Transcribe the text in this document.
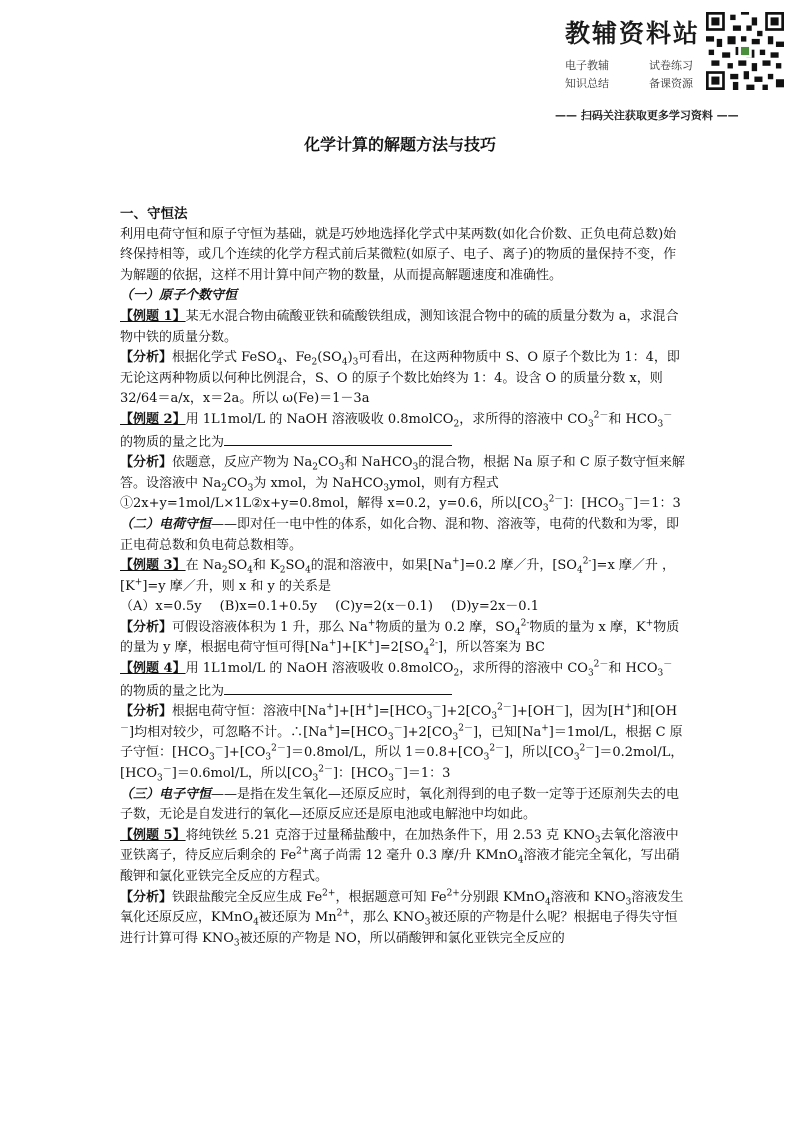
教辅资料站
电子教辅	试卷练习
知识总结	备课资源
—— 扫码关注获取更多学习资料 ——
化学计算的解题方法与技巧

一、守恒法

利用电荷守恒和原子守恒为基础，就是巧妙地选择化学式中某两数(如化合价数、正负电荷总数)始终保持相等，或几个连续的化学方程式前后某微粒(如原子、电子、离子)的物质的量保持不变，作为解题的依据，这样不用计算中间产物的数量，从而提高解题速度和准确性。

（一）原子个数守恒

【例题 1】某无水混合物由硫酸亚铁和硫酸铁组成，测知该混合物中的硫的质量分数为 a，求混合物中铁的质量分数。

【分析】根据化学式 FeSO$_4$、$Fe_2(SO_4)_3$可看出，在这两种物质中 S、O 原子个数比为 1：4，即无论这两种物质以何种比例混合，S、O 的原子个数比始终为 1：4。设含 O 的质量分数 x，则 32/64＝a/x，x＝2a。所以 ω(Fe)＝1－3a

【例题 2】用 1L1mol/L 的 NaOH 溶液吸收 0.8molCO$_2$，求所得的溶液中 $CO_3^{2-}$和 $HCO_3^-$的物质的量之比为

【分析】依题意，反应产物为 $Na_2CO_3$和 NaHCO$_3$的混合物，根据 Na 原子和 C 原子数守恒来解答。设溶液中 $Na_2CO_3$为 xmol，为 NaHCO$_3$ymol，则有方程式①2x+y=1mol/L×1L②x+y=0.8mol，解得 x=0.2，y=0.6，所以$[CO_3^{2-}]$：$[HCO_3^-]=1$：3

（二）电荷守恒——即对任一电中性的体系，如化合物、混和物、溶液等，电荷的代数和为零，即正电荷总数和负电荷总数相等。

【例题 3】在 $Na_2SO_4$和 $K_2SO_4$的混和溶液中，如果[Na+]=0.2 摩／升，$[SO_4^{2-}]=x$ 摩／升 ，[K+]=y 摩／升，则 x 和 y 的关系是

（A）x=0.5y (B)x=0.1+0.5y (C)y=2(x－0.1) (D)y=2x－0.1

【分析】可假设溶液体积为 1 升，那么 Na+物质的量为 0.2 摩，$SO_4^{2-}$物质的量为 x 摩，K+物质的量为 y 摩，根据电荷守恒可得$[Na^+]+[K^+]=2[SO_4^{2-}]$，所以答案为 BC

【例题 4】用 1L1mol/L 的 NaOH 溶液吸收 0.8molCO$_2$，求所得的溶液中 $CO_3^{2-}$和 $HCO_3^-$的物质的量之比为

【分析】根据电荷守恒：溶液中$[Na^+]+[H^+]=[HCO_3^-]+2[CO_3^{2-}]+[OH^-]$，因为[H+]和[OH－]均相对较少，可忽略不计。$\therefore[Na^+]=[HCO_3^-]+2[CO_3^{2-}]$，已知[Na+]＝1mol/L，根据 C 原子守恒：$[HCO_3^-]+[CO_3^{2-}]=0.8mol/L$，所以 $1=0.8+[CO_3^{2-}]$，所以$[CO_3^{2-}]=0.2mol/L$，$[HCO_3^-]=0.6mol/L$，所以$[CO_3^{2-}]$：$[HCO_3^-]=1$：3

（三）电子守恒——是指在发生氧化—还原反应时，氧化剂得到的电子数一定等于还原剂失去的电子数，无论是自发进行的氧化—还原反应还是原电池或电解池中均如此。

【例题 5】将纯铁丝 5.21 克溶于过量稀盐酸中，在加热条件下，用 2.53 克 $KNO_3$去氧化溶液中亚铁离子，待反应后剩余的 $Fe^{2+}$离子尚需 12 毫升 0.3 摩/升 KMnO$_4$溶液才能完全氧化，写出硝酸钾和氯化亚铁完全反应的方程式。

【分析】铁跟盐酸完全反应生成 $Fe^{2+}$，根据题意可知 $Fe^{2+}$分别跟 KMnO$_4$溶液和 $KNO_3$溶液发生氧化还原反应，KMnO$_4$被还原为 $Mn^{2+}$，那么 $KNO_3$被还原的产物是什么呢？根据电子得失守恒进行计算可得 $KNO_3$被还原的产物是 NO，所以硝酸钾和氯化亚铁完全反应的
